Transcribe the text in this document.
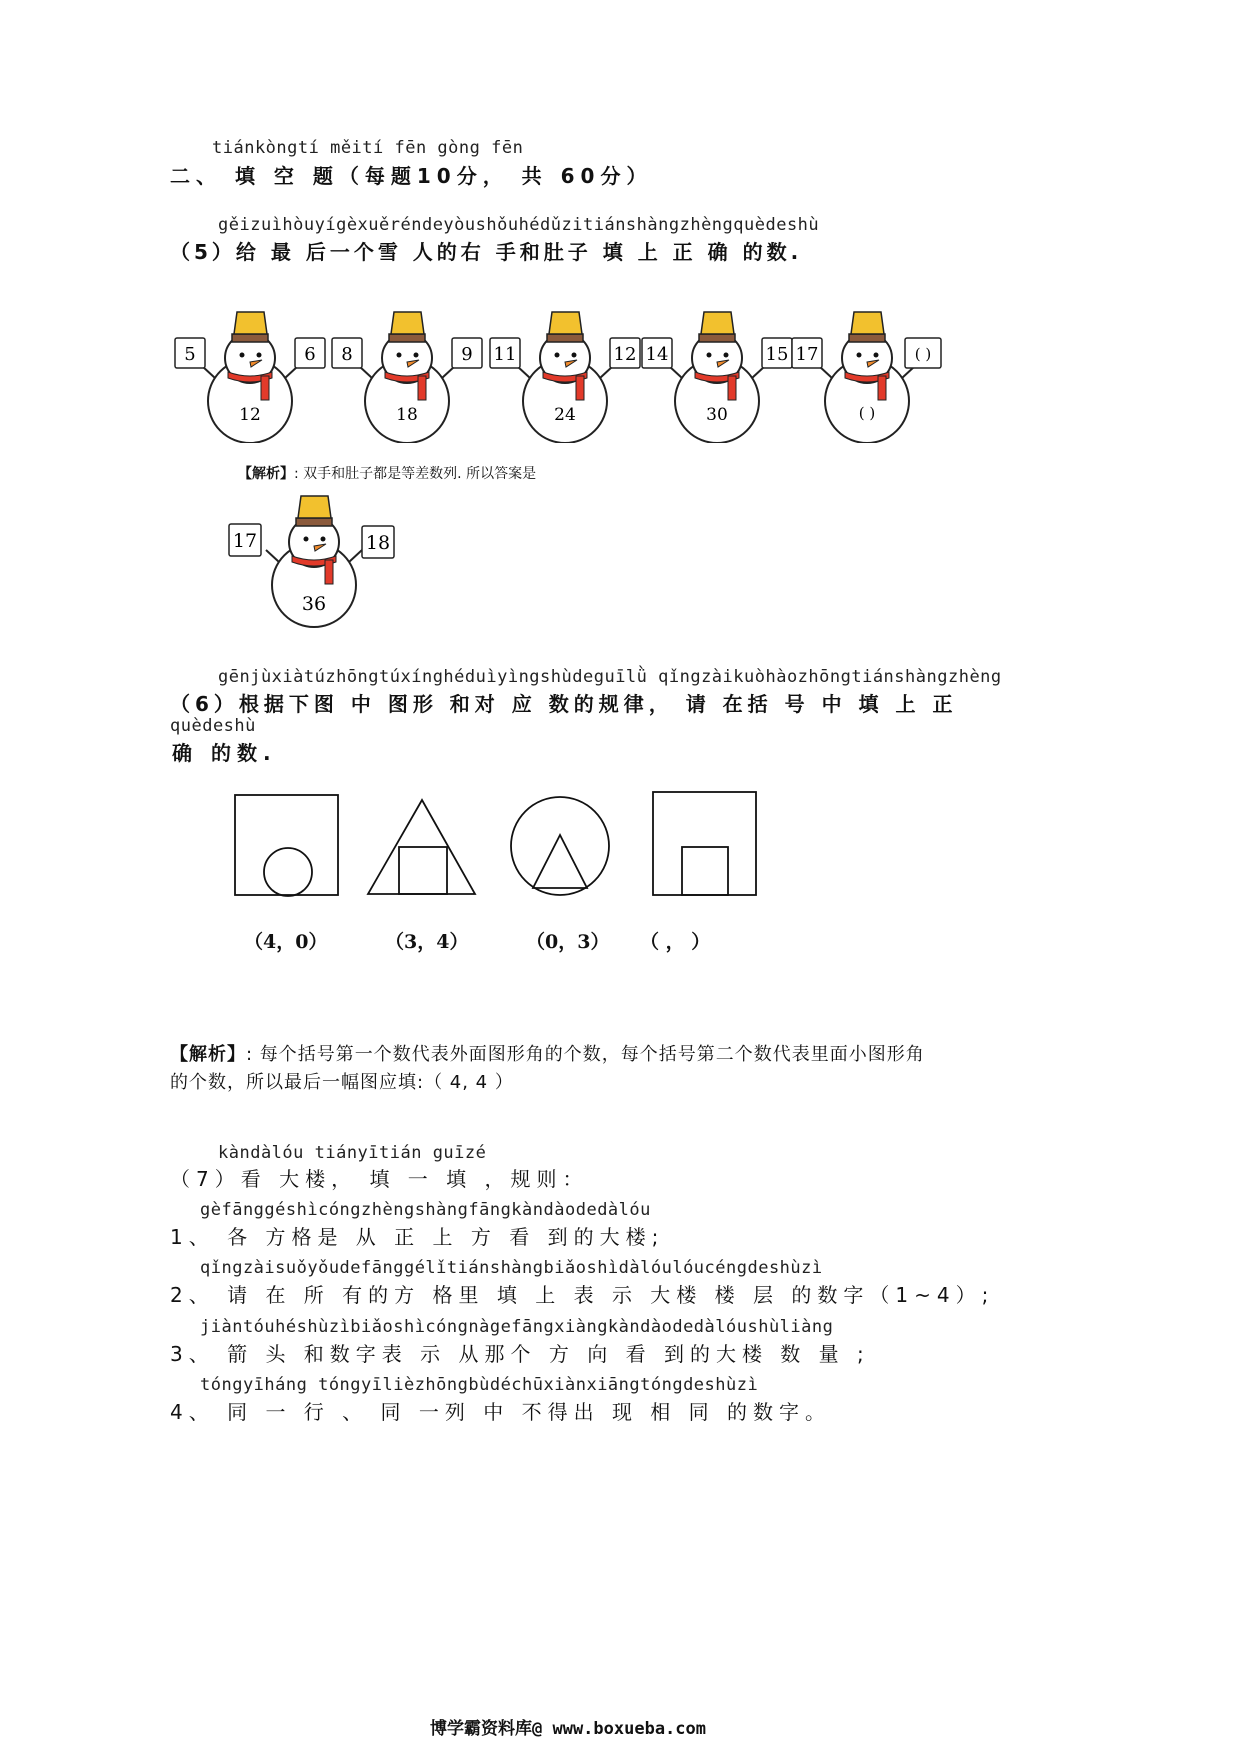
tiánkòngtí měití fēn gòng fēn
二、 填 空 题（每题10分， 共 60分）
gěizuìhòuyígèxuěréndeyòushǒuhédǔzitiánshàngzhèngquèdeshù
（5）给 最 后一个雪 人的右 手和肚子 填 上 正 确 的数.
5	6
12
8	9
18
11	12
24
14	15
30
17	( )
( )
【解析】: 双手和肚子都是等差数列. 所以答案是
17	18
36
gēnjùxiàtúzhōngtúxínghéduìyìngshùdeguīlǜ qǐngzàikuòhàozhōngtiánshàngzhèng
（6）根据下图 中 图形 和对 应 数的规律， 请 在括 号 中 填 上 正
quèdeshù
确 的数.
（4，0）	（3，4）	（0，3） （ ， ）
【解析】: 每个括号第一个数代表外面图形角的个数，每个括号第二个数代表里面小图形角
的个数，所以最后一幅图应填:（ 4, 4 ）
kàndàlóu tiányītián guīzé
（7）看 大楼， 填 一 填 ，规则：
gèfānggéshìcóngzhèngshàngfāngkàndàodedàlóu
1、 各 方格是 从 正 上 方 看 到的大楼;
qǐngzàisuǒyǒudefānggélǐtiánshàngbiǎoshìdàlóulóucéngdeshùzì
2、 请 在 所 有的方 格里 填 上 表 示 大楼 楼 层 的数字（1~4）;
jiàntóuhéshùzìbiǎoshìcóngnàgefāngxiàngkàndàodedàlóushùliàng
3、 箭 头 和数字表 示 从那个 方 向 看 到的大楼 数 量 ;
tóngyīháng tóngyīlièzhōngbùdéchūxiànxiāngtóngdeshùzì
4、 同 一 行 、 同 一列 中 不得出 现 相 同 的数字。
博学霸资料库@ www.boxueba.com
